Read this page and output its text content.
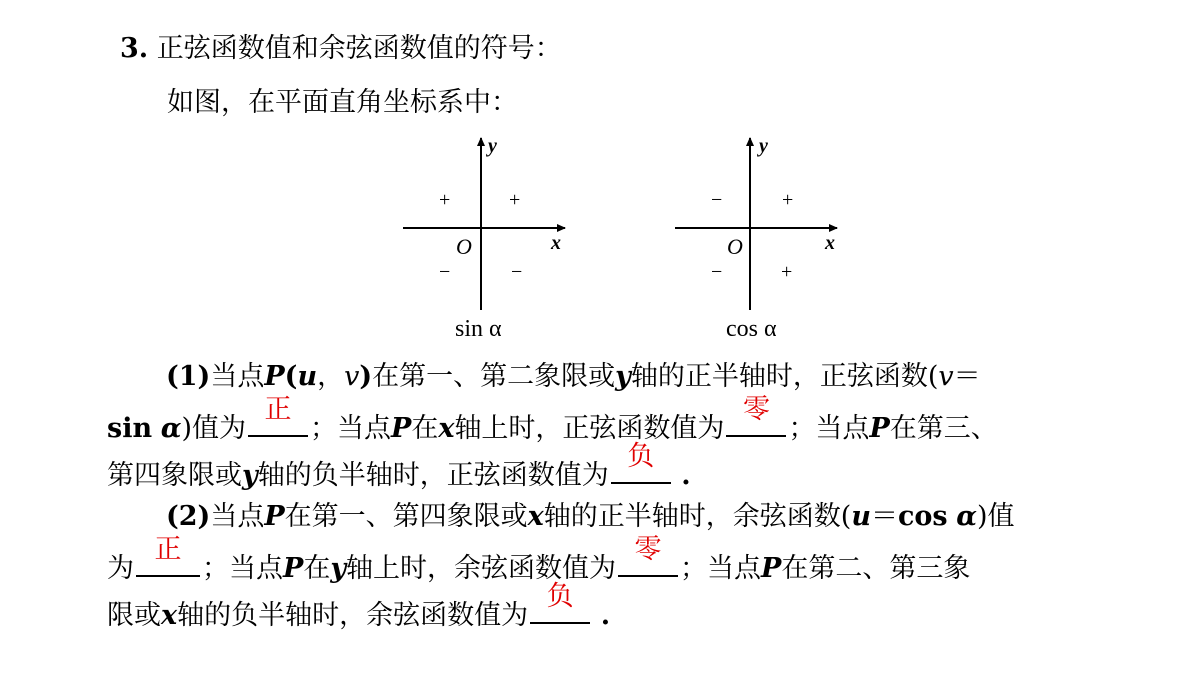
3. 正弦函数值和余弦函数值的符号：
如图，在平面直角坐标系中：
y
x
O
+	+
−	−
sin α
y
x
O
−	+
−	+
cos α
(1)当点P(u，v)在第一、第二象限或y轴的正半轴时，正弦函数(v＝
sin α)值为
正
；当点P在x轴上时，正弦函数值为
零
；当点P在第三、
第四象限或y轴的负半轴时，正弦函数值为
负
.
(2)当点P在第一、第四象限或x轴的正半轴时，余弦函数(u＝cos α)值
为
正
；当点P在y轴上时，余弦函数值为
零
；当点P在第二、第三象
限或x轴的负半轴时，余弦函数值为
负
.
